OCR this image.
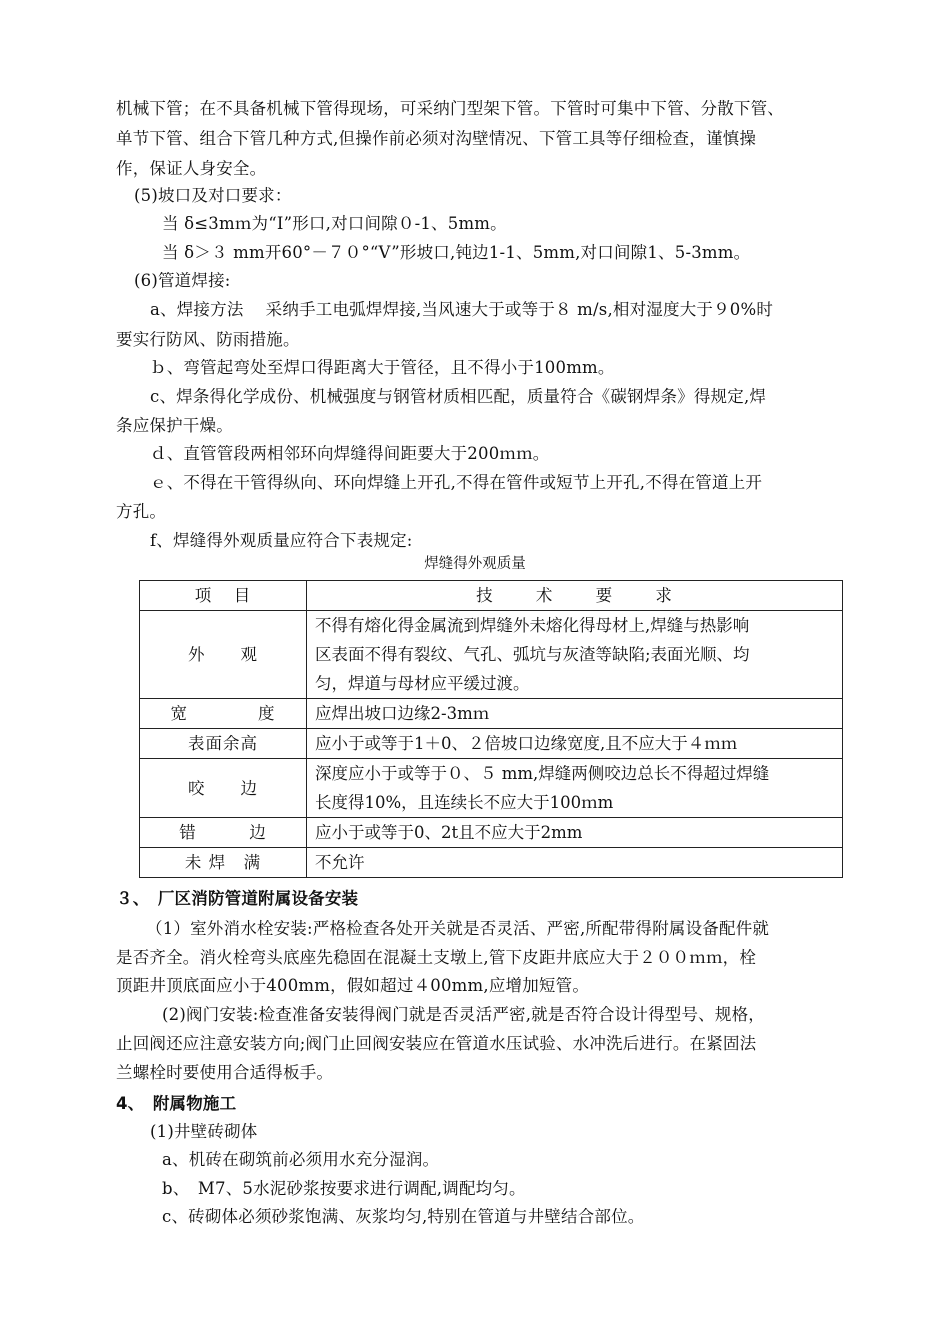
机械下管；在不具备机械下管得现场，可采纳门型架下管。下管时可集中下管、分散下管、
单节下管、组合下管几种方式,但操作前必须对沟壁情况、下管工具等仔细检查，谨慎操
作，保证人身安全。
(5)坡口及对口要求：
当 δ≤3mｍ为“I”形口,对口间隙０-1、5mm。
当 δ＞３ mm开60°－７０°“V”形坡口,钝边1-1、5mm,对口间隙1、5-3mm。
(6)管道焊接:
a、焊接方法　 采纳手工电弧焊焊接,当风速大于或等于８ m/s,相对湿度大于９0%时
要实行防风、防雨措施。
ｂ、弯管起弯处至焊口得距离大于管径，且不得小于100mm。
c、焊条得化学成份、机械强度与钢管材质相匹配，质量符合《碳钢焊条》得规定,焊
条应保护干燥。
ｄ、直管管段两相邻环向焊缝得间距要大于200ｍｍ。
ｅ、不得在干管得纵向、环向焊缝上开孔,不得在管件或短节上开孔,不得在管道上开
方孔。
f、焊缝得外观质量应符合下表规定:
焊缝得外观质量
项 目	技 术 要 求

外　　观	不得有熔化得金属流到焊缝外未熔化得母材上,焊缝与热影响
区表面不得有裂纹、气孔、弧坑与灰渣等缺陷;表面光顺、均
匀，焊道与母材应平缓过渡。

宽　　　　度	应焊出坡口边缘2-3mｍ
表面余高	应小于或等于1＋0、２倍坡口边缘宽度,且不应大于４ｍｍ
咬　　边	深度应小于或等于０、５ mm,焊缝两侧咬边总长不得超过焊缝
长度得10%，且连续长不应大于100ｍm

错　　　边	应小于或等于0、2t且不应大于2mm
未 焊　满	不允许
３、　厂区消防管道附属设备安装
（1）室外消水栓安装:严格检查各处开关就是否灵活、严密,所配带得附属设备配件就
是否齐全。消火栓弯头底座先稳固在混凝土支墩上,管下皮距井底应大于２００ｍｍ，栓
顶距井顶底面应小于400mm，假如超过４00mm,应增加短管。
(2)阀门安装:检查准备安装得阀门就是否灵活严密,就是否符合设计得型号、规格，
止回阀还应注意安装方向;阀门止回阀安装应在管道水压试验、水冲洗后进行。在紧固法
兰螺栓时要使用合适得板手。
4、　附属物施工
(1)井壁砖砌体
a、机砖在砌筑前必须用水充分湿润。
b、　M7、5水泥砂浆按要求进行调配,调配均匀。
c、砖砌体必须砂浆饱满、灰浆均匀,特别在管道与井壁结合部位。
